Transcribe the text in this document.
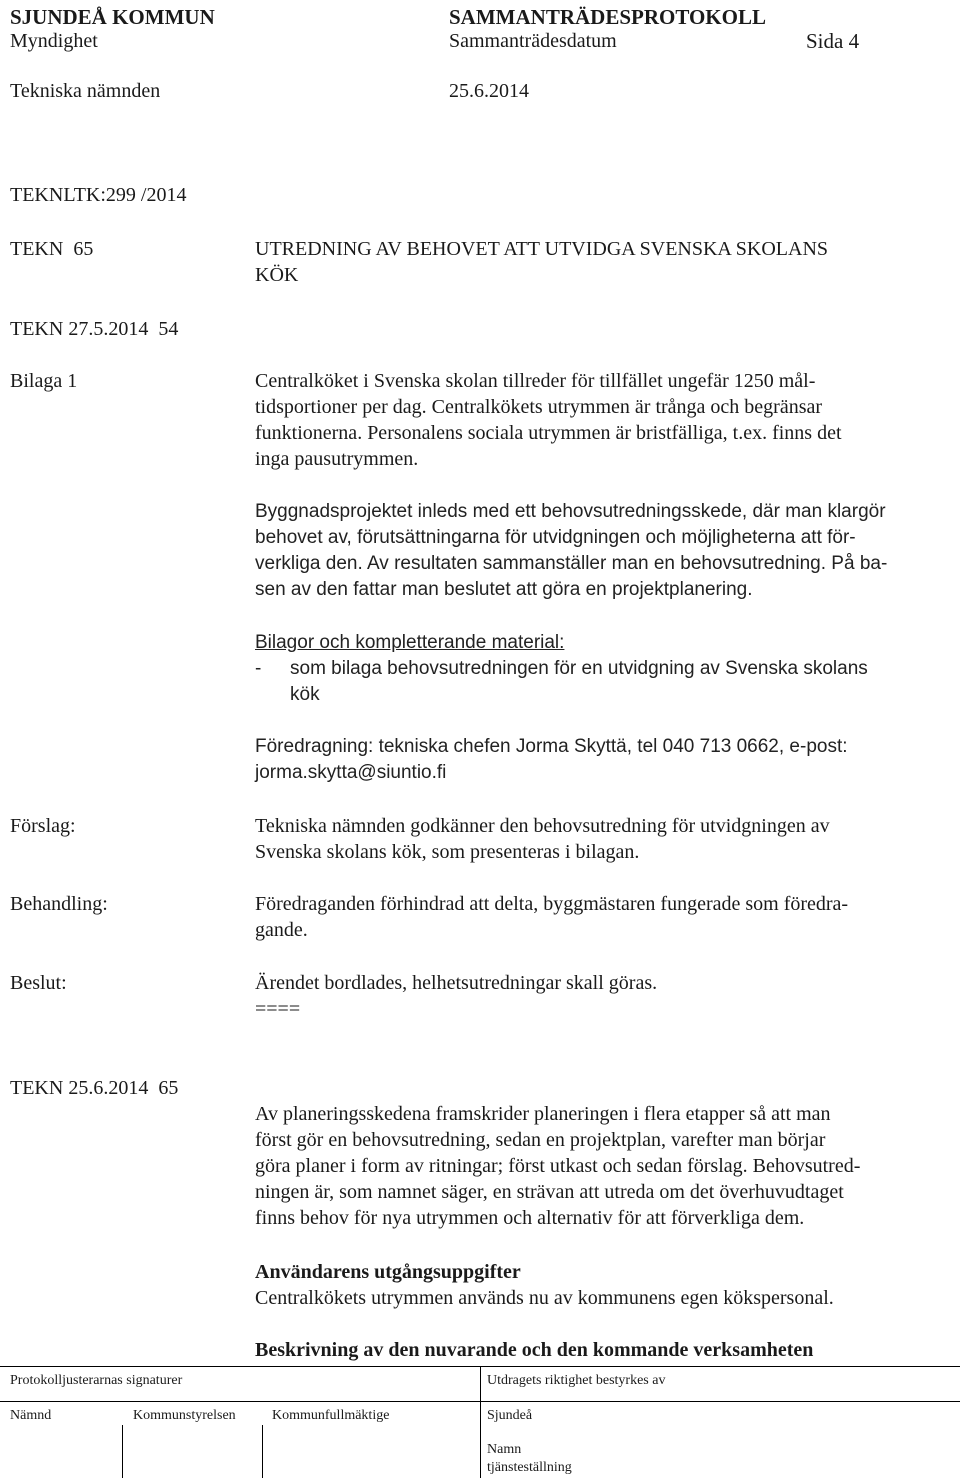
SJUNDEÅ KOMMUN	SAMMANTRÄDESPROTOKOLL
Myndighet	Sammanträdesdatum	Sida 4
Tekniska nämnden	25.6.2014
TEKNLTK:299 /2014
TEKN  65	UTREDNING AV BEHOVET ATT UTVIDGA SVENSKA SKOLANS
KÖK
TEKN 27.5.2014  54
Bilaga 1	Centralköket i Svenska skolan tillreder för tillfället ungefär 1250 mål-
tidsportioner per dag. Centralkökets utrymmen är trånga och begränsar
funktionerna. Personalens sociala utrymmen är bristfälliga, t.ex. finns det
inga pausutrymmen.
Byggnadsprojektet inleds med ett behovsutredningsskede, där man klargör
behovet av, förutsättningarna för utvidgningen och möjligheterna att för-
verkliga den. Av resultaten sammanställer man en behovsutredning. På ba-
sen av den fattar man beslutet att göra en projektplanering.
Bilagor och kompletterande material:
- som bilaga behovsutredningen för en utvidgning av Svenska skolans
kök
Föredragning: tekniska chefen Jorma Skyttä, tel 040 713 0662, e-post:
jorma.skytta@siuntio.fi
Förslag:	Tekniska nämnden godkänner den behovsutredning för utvidgningen av
Svenska skolans kök, som presenteras i bilagan.
Behandling:	Föredraganden förhindrad att delta, byggmästaren fungerade som föredra-
gande.
Beslut:	Ärendet bordlades, helhetsutredningar skall göras.
====
TEKN 25.6.2014  65
Av planeringsskedena framskrider planeringen i flera etapper så att man
först gör en behovsutredning, sedan en projektplan, varefter man börjar
göra planer i form av ritningar; först utkast och sedan förslag. Behovsutred-
ningen är, som namnet säger, en strävan att utreda om det överhuvudtaget
finns behov för nya utrymmen och alternativ för att förverkliga dem.
Användarens utgångsuppgifter
Centralkökets utrymmen används nu av kommunens egen kökspersonal.
Beskrivning av den nuvarande och den kommande verksamheten
Protokolljusterarnas signaturer	Utdragets riktighet bestyrkes av
Nämnd	Kommunstyrelsen	Kommunfullmäktige	Sjundeå
Namn
tjänsteställning
